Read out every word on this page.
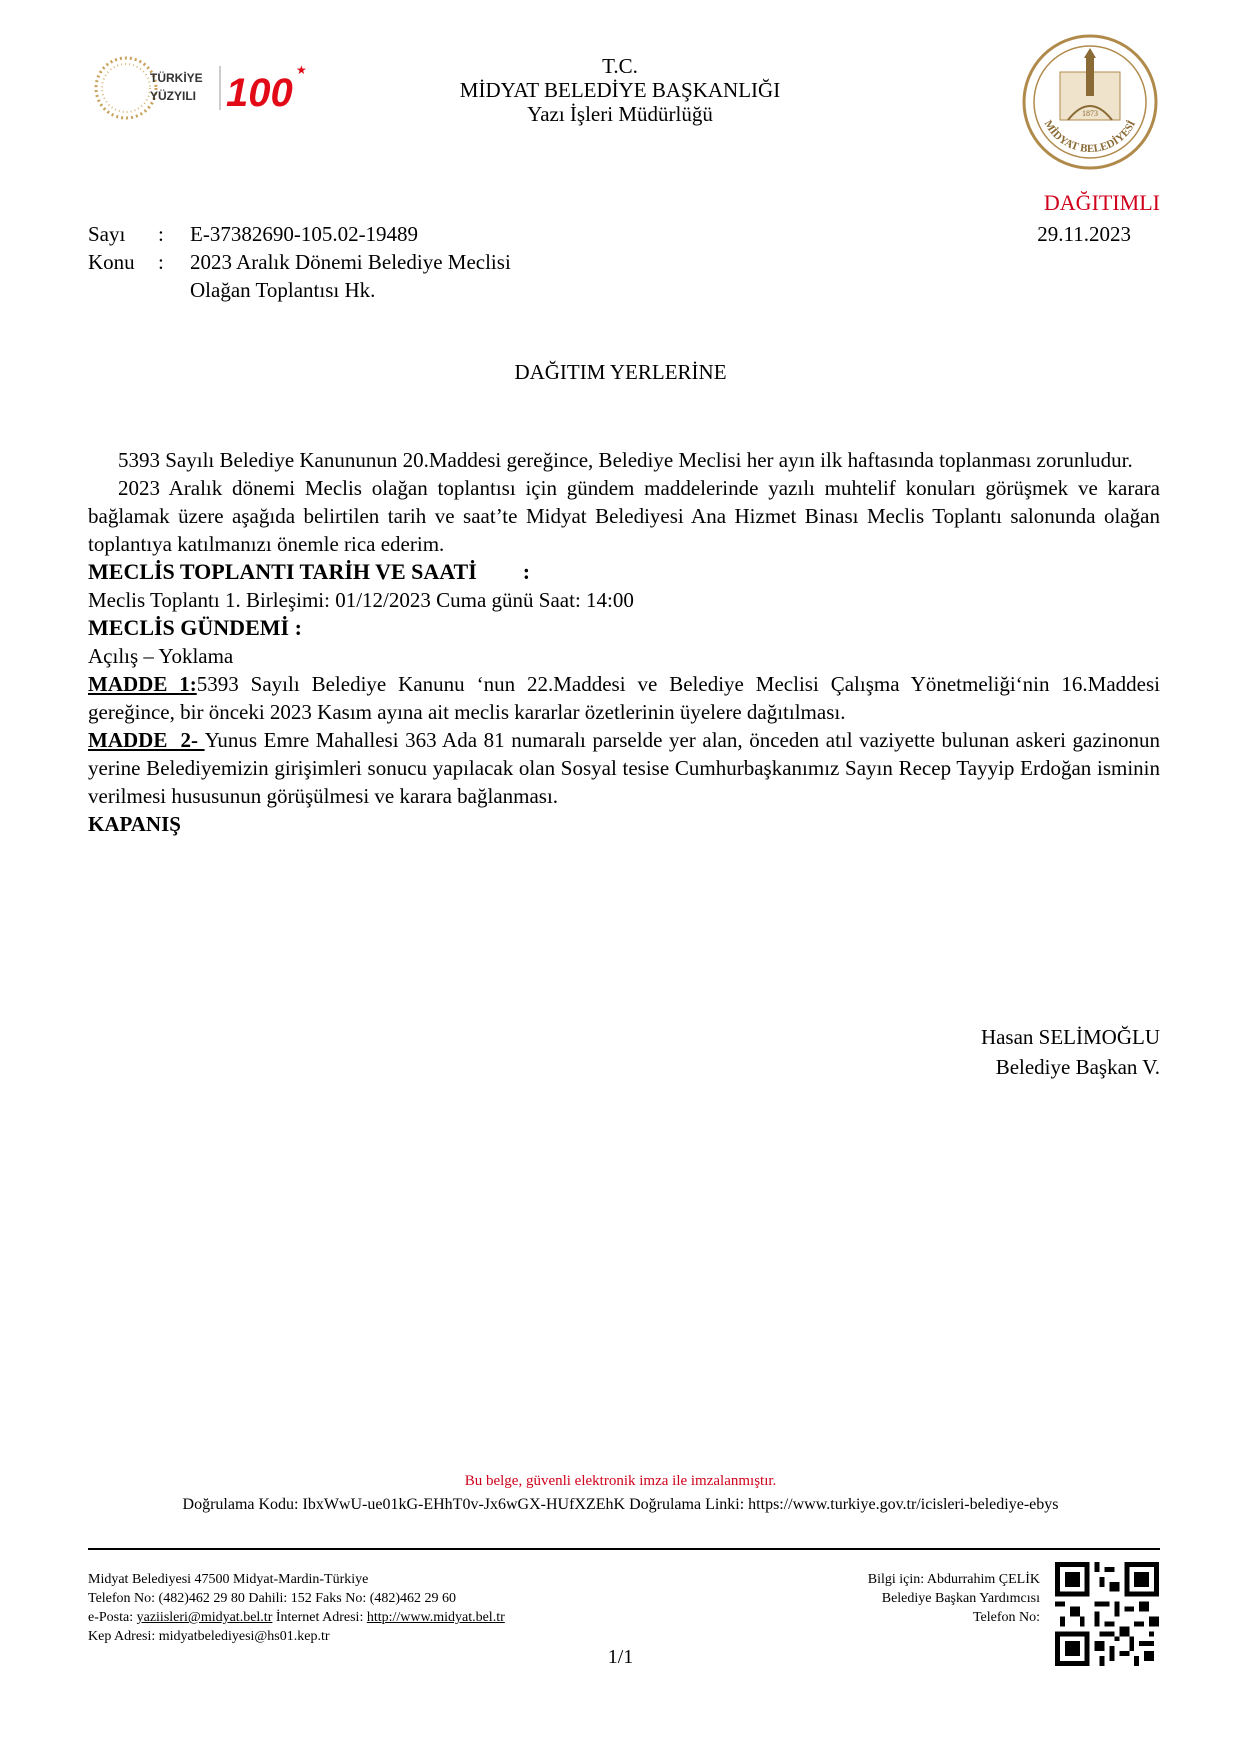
TÜRKİYE
YÜZYILI 100
★	T.C.
MİDYAT BELEDİYE BAŞKANLIĞI
Yazı İşleri Müdürlüğü	1873
MİDYAT BELEDİYESİ
DAĞITIMLI
Sayı : E-37382690-105.02-19489	29.11.2023
Konu : 2023 Aralık Dönemi Belediye Meclisi
Olağan Toplantısı Hk.
DAĞITIM YERLERİNE

5393 Sayılı Belediye Kanununun 20.Maddesi gereğince, Belediye Meclisi her ayın ilk haftasında toplanması zorunludur.

2023 Aralık dönemi Meclis olağan toplantısı için gündem maddelerinde yazılı muhtelif konuları görüşmek ve karara bağlamak üzere aşağıda belirtilen tarih ve saat’te Midyat Belediyesi Ana Hizmet Binası Meclis Toplantı salonunda olağan toplantıya katılmanızı önemle rica ederim.

MECLİS TOPLANTI TARİH VE SAATİ :

Meclis Toplantı 1. Birleşimi: 01/12/2023 Cuma günü Saat: 14:00

MECLİS GÜNDEMİ :

Açılış – Yoklama

MADDE 1:5393 Sayılı Belediye Kanunu ‘nun 22.Maddesi ve Belediye Meclisi Çalışma Yönetmeliği‘nin 16.Maddesi gereğince, bir önceki 2023 Kasım ayına ait meclis kararlar özetlerinin üyelere dağıtılması.

MADDE  2- Yunus Emre Mahallesi 363 Ada 81 numaralı parselde yer alan, önceden atıl vaziyette bulunan askeri gazinonun yerine Belediyemizin girişimleri sonucu yapılacak olan Sosyal tesise Cumhurbaşkanımız Sayın Recep Tayyip Erdoğan isminin verilmesi hususunun görüşülmesi ve karara bağlanması.

KAPANIŞ

Hasan SELİMOĞLU
Belediye Başkan V.
Bu belge, güvenli elektronik imza ile imzalanmıştır.
Doğrulama Kodu: IbxWwU-ue01kG-EHhT0v-Jx6wGX-HUfXZEhK Doğrulama Linki: https://www.turkiye.gov.tr/icisleri-belediye-ebys
Midyat Belediyesi 47500 Midyat-Mardin-Türkiye
Telefon No: (482)462 29 80 Dahili: 152 Faks No: (482)462 29 60
e-Posta: yaziisleri@midyat.bel.tr İnternet Adresi: http://www.midyat.bel.tr
Kep Adresi: midyatbelediyesi@hs01.kep.tr
Bilgi için: Abdurrahim ÇELİK
Belediye Başkan Yardımcısı
Telefon No:
1/1
